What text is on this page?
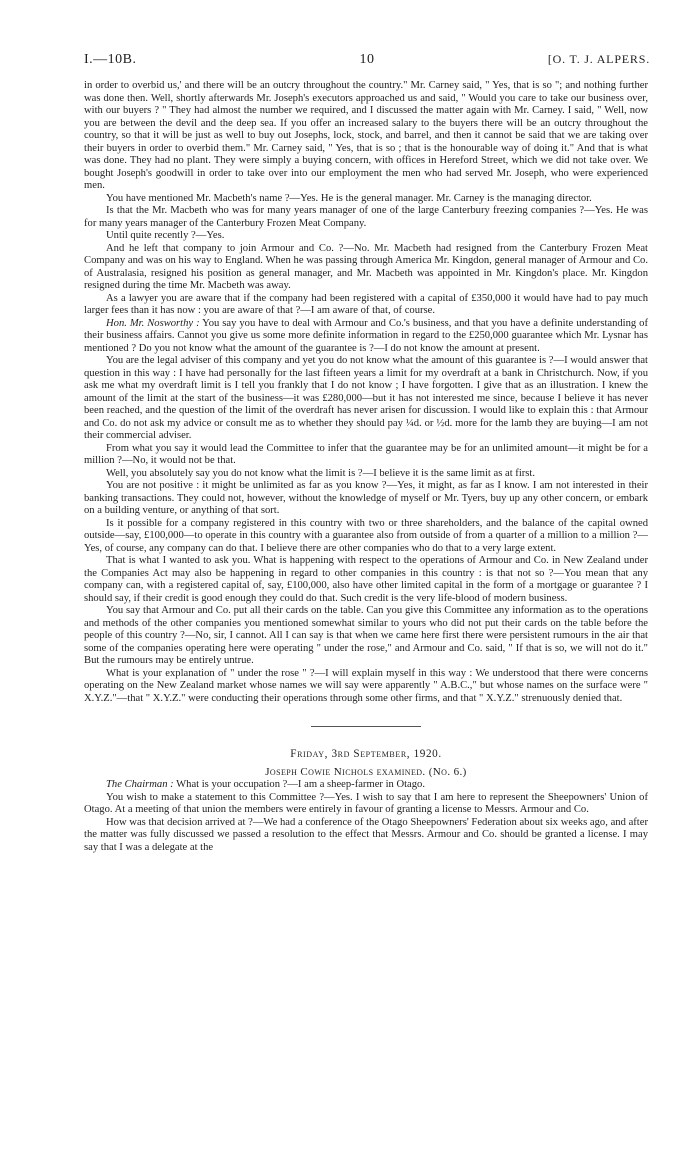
I.—10B.	10	[O. T. J. ALPERS.

in order to overbid us,' and there will be an outcry throughout the country." Mr. Carney said, " Yes, that is so "; and nothing further was done then. Well, shortly afterwards Mr. Joseph's executors approached us and said, " Would you care to take our business over, with our buyers ? " They had almost the number we required, and I discussed the matter again with Mr. Carney. I said, " Well, now you are between the devil and the deep sea. If you offer an increased salary to the buyers there will be an outcry throughout the country, so that it will be just as well to buy out Josephs, lock, stock, and barrel, and then it cannot be said that we are taking over their buyers in order to overbid them." Mr. Carney said, " Yes, that is so ; that is the honourable way of doing it." And that is what was done. They had no plant. They were simply a buying concern, with offices in Hereford Street, which we did not take over. We bought Joseph's goodwill in order to take over into our employment the men who had served Mr. Joseph, who were experienced men.

You have mentioned Mr. Macbeth's name ?—Yes. He is the general manager. Mr. Carney is the managing director.

Is that the Mr. Macbeth who was for many years manager of one of the large Canterbury freezing companies ?—Yes. He was for many years manager of the Canterbury Frozen Meat Company.

Until quite recently ?—Yes.

And he left that company to join Armour and Co. ?—No. Mr. Macbeth had resigned from the Canterbury Frozen Meat Company and was on his way to England. When he was passing through America Mr. Kingdon, general manager of Armour and Co. of Australasia, resigned his position as general manager, and Mr. Macbeth was appointed in Mr. Kingdon's place. Mr. Kingdon resigned during the time Mr. Macbeth was away.

As a lawyer you are aware that if the company had been registered with a capital of £350,000 it would have had to pay much larger fees than it has now : you are aware of that ?—I am aware of that, of course.

Hon. Mr. Nosworthy : You say you have to deal with Armour and Co.'s business, and that you have a definite understanding of their business affairs. Cannot you give us some more definite information in regard to the £250,000 guarantee which Mr. Lysnar has mentioned ? Do you not know what the amount of the guarantee is ?—I do not know the amount at present.

You are the legal adviser of this company and yet you do not know what the amount of this guarantee is ?—I would answer that question in this way : I have had personally for the last fifteen years a limit for my overdraft at a bank in Christchurch. Now, if you ask me what my overdraft limit is I tell you frankly that I do not know ; I have forgotten. I give that as an illustration. I knew the amount of the limit at the start of the business—it was £280,000—but it has not interested me since, because I believe it has never been reached, and the question of the limit of the overdraft has never arisen for discussion. I would like to explain this : that Armour and Co. do not ask my advice or consult me as to whether they should pay ¼d. or ½d. more for the lamb they are buying—I am not their commercial adviser.

From what you say it would lead the Committee to infer that the guarantee may be for an unlimited amount—it might be for a million ?—No, it would not be that.

Well, you absolutely say you do not know what the limit is ?—I believe it is the same limit as at first.

You are not positive : it might be unlimited as far as you know ?—Yes, it might, as far as I know. I am not interested in their banking transactions. They could not, however, without the knowledge of myself or Mr. Tyers, buy up any other concern, or embark on a building venture, or anything of that sort.

Is it possible for a company registered in this country with two or three shareholders, and the balance of the capital owned outside—say, £100,000—to operate in this country with a guarantee also from outside of from a quarter of a million to a million ?—Yes, of course, any company can do that. I believe there are other companies who do that to a very large extent.

That is what I wanted to ask you. What is happening with respect to the operations of Armour and Co. in New Zealand under the Companies Act may also be happening in regard to other companies in this country : is that not so ?—You mean that any company can, with a registered capital of, say, £100,000, also have other limited capital in the form of a mortgage or guarantee ? I should say, if their credit is good enough they could do that. Such credit is the very life-blood of modern business.

You say that Armour and Co. put all their cards on the table. Can you give this Committee any information as to the operations and methods of the other companies you mentioned somewhat similar to yours who did not put their cards on the table before the people of this country ?—No, sir, I cannot. All I can say is that when we came here first there were persistent rumours in the air that some of the companies operating here were operating " under the rose," and Armour and Co. said, " If that is so, we will not do it." But the rumours may be entirely untrue.

What is your explanation of " under the rose " ?—I will explain myself in this way : We understood that there were concerns operating on the New Zealand market whose names we will say were apparently " A.B.C.," but whose names on the surface were " X.Y.Z."—that " X.Y.Z." were conducting their operations through some other firms, and that " X.Y.Z." strenuously denied that.

Friday, 3rd September, 1920.

Joseph Cowie Nichols examined. (No. 6.)

The Chairman : What is your occupation ?—I am a sheep-farmer in Otago.

You wish to make a statement to this Committee ?—Yes. I wish to say that I am here to represent the Sheepowners' Union of Otago. At a meeting of that union the members were entirely in favour of granting a license to Messrs. Armour and Co.

How was that decision arrived at ?—We had a conference of the Otago Sheepowners' Federation about six weeks ago, and after the matter was fully discussed we passed a resolution to the effect that Messrs. Armour and Co. should be granted a license. I may say that I was a delegate at the
